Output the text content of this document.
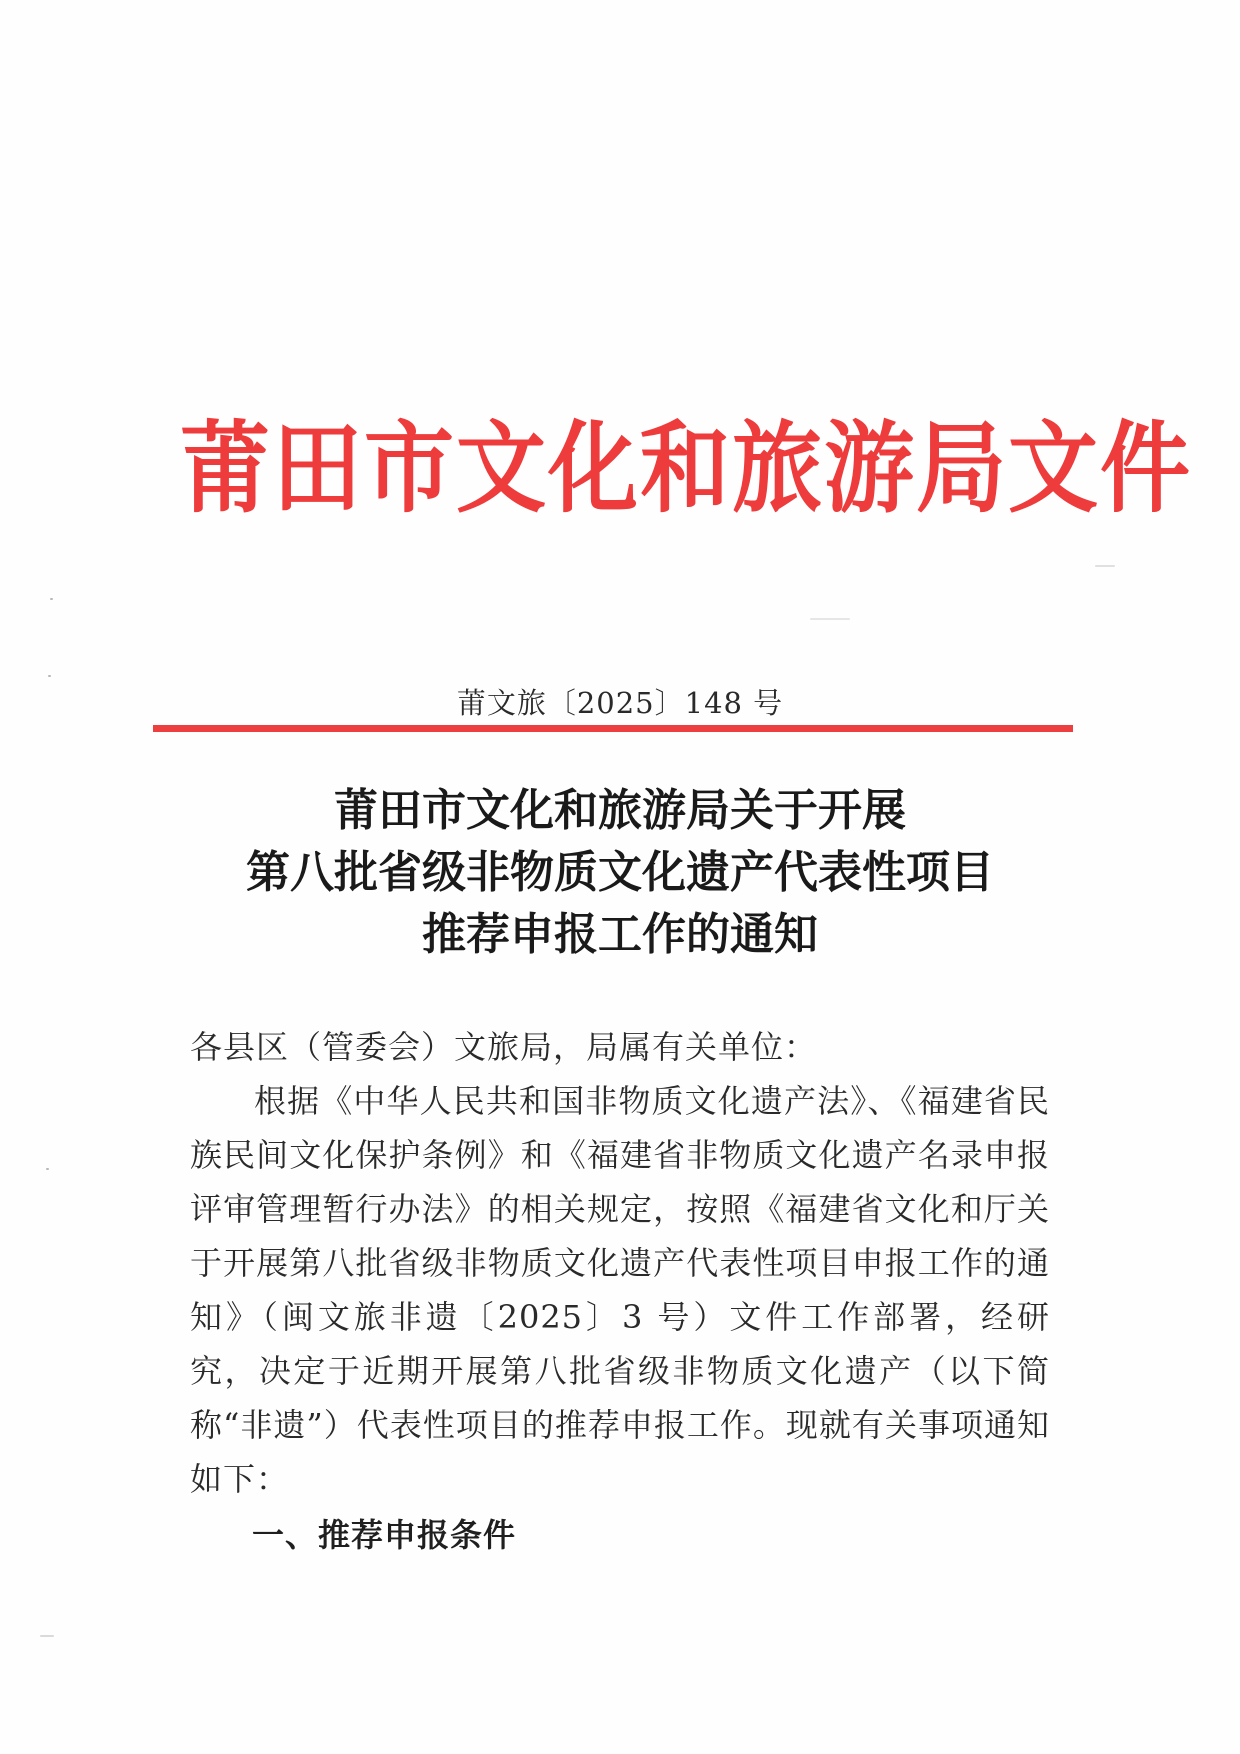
莆田市文化和旅游局文件
莆文旅〔2025〕148 号
莆田市文化和旅游局关于开展
第八批省级非物质文化遗产代表性项目
推荐申报工作的通知
各县区（管委会）文旅局，局属有关单位：
根据《中华人民共和国非物质文化遗产法》、《福建省民族民间文化保护条例》和《福建省非物质文化遗产名录申报评审管理暂行办法》的相关规定，按照《福建省文化和厅关于开展第八批省级非物质文化遗产代表性项目申报工作的通知》（闽文旅非遗〔2025〕3 号）文件工作部署，经研究，决定于近期开展第八批省级非物质文化遗产（以下简称“非遗”）代表性项目的推荐申报工作。现就有关事项通知如下：
一、推荐申报条件
